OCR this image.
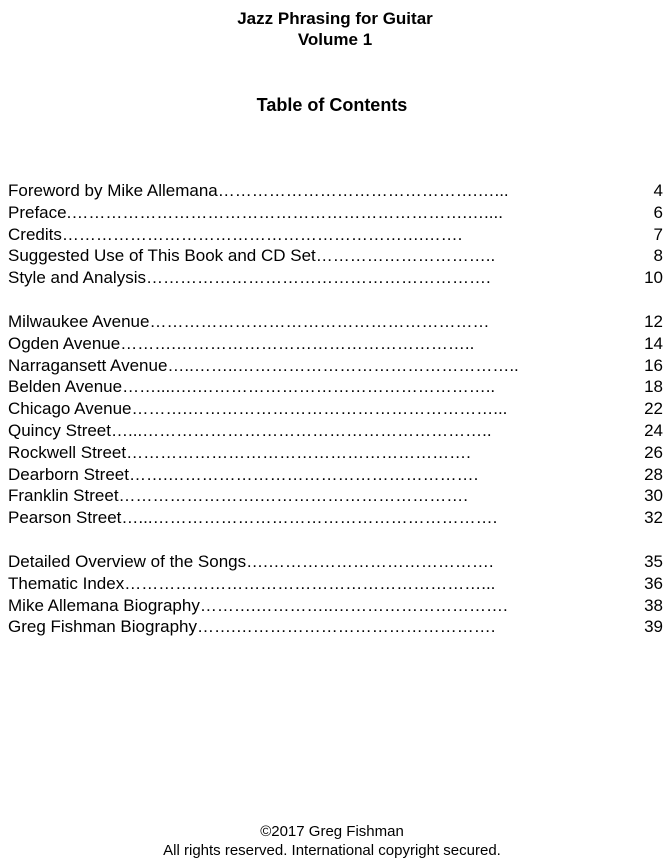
Jazz Phrasing for Guitar
Volume 1
Table of Contents
Foreword by Mike Allemana ……………………………………….…...	4
Preface. …………………………………………………………….…....	6
Credits ……………………………………………………….…….	7
Suggested Use of This Book and CD Set …………………………..	8
Style and Analysis …………………………………………………….	10
Milwaukee Avenue ……………………………………………………	12
Ogden Avenue ……….……………………………………………..	14
Narragansett Avenue …..……..…………………………………………..	16
Belden Avenue ……....….……………………………………………..	18
Chicago Avenue ……….………………………………………………...	22
Quincy Street …...……………………………………………………..	24
Rockwell Street …………………………………………………….	26
Dearborn Street …….……………………………………………….	28
Franklin Street …………………….……………………………….	30
Pearson Street …...…………………………………………………….	32
Detailed Overview of the Songs ….………………………………….	35
Thematic Index ………………………………………………………...	36
Mike Allemana Biography ……….…………..………………………….	38
Greg Fishman Biography …….……………………………………….	39
©2017 Greg Fishman
All rights reserved. International copyright secured.
